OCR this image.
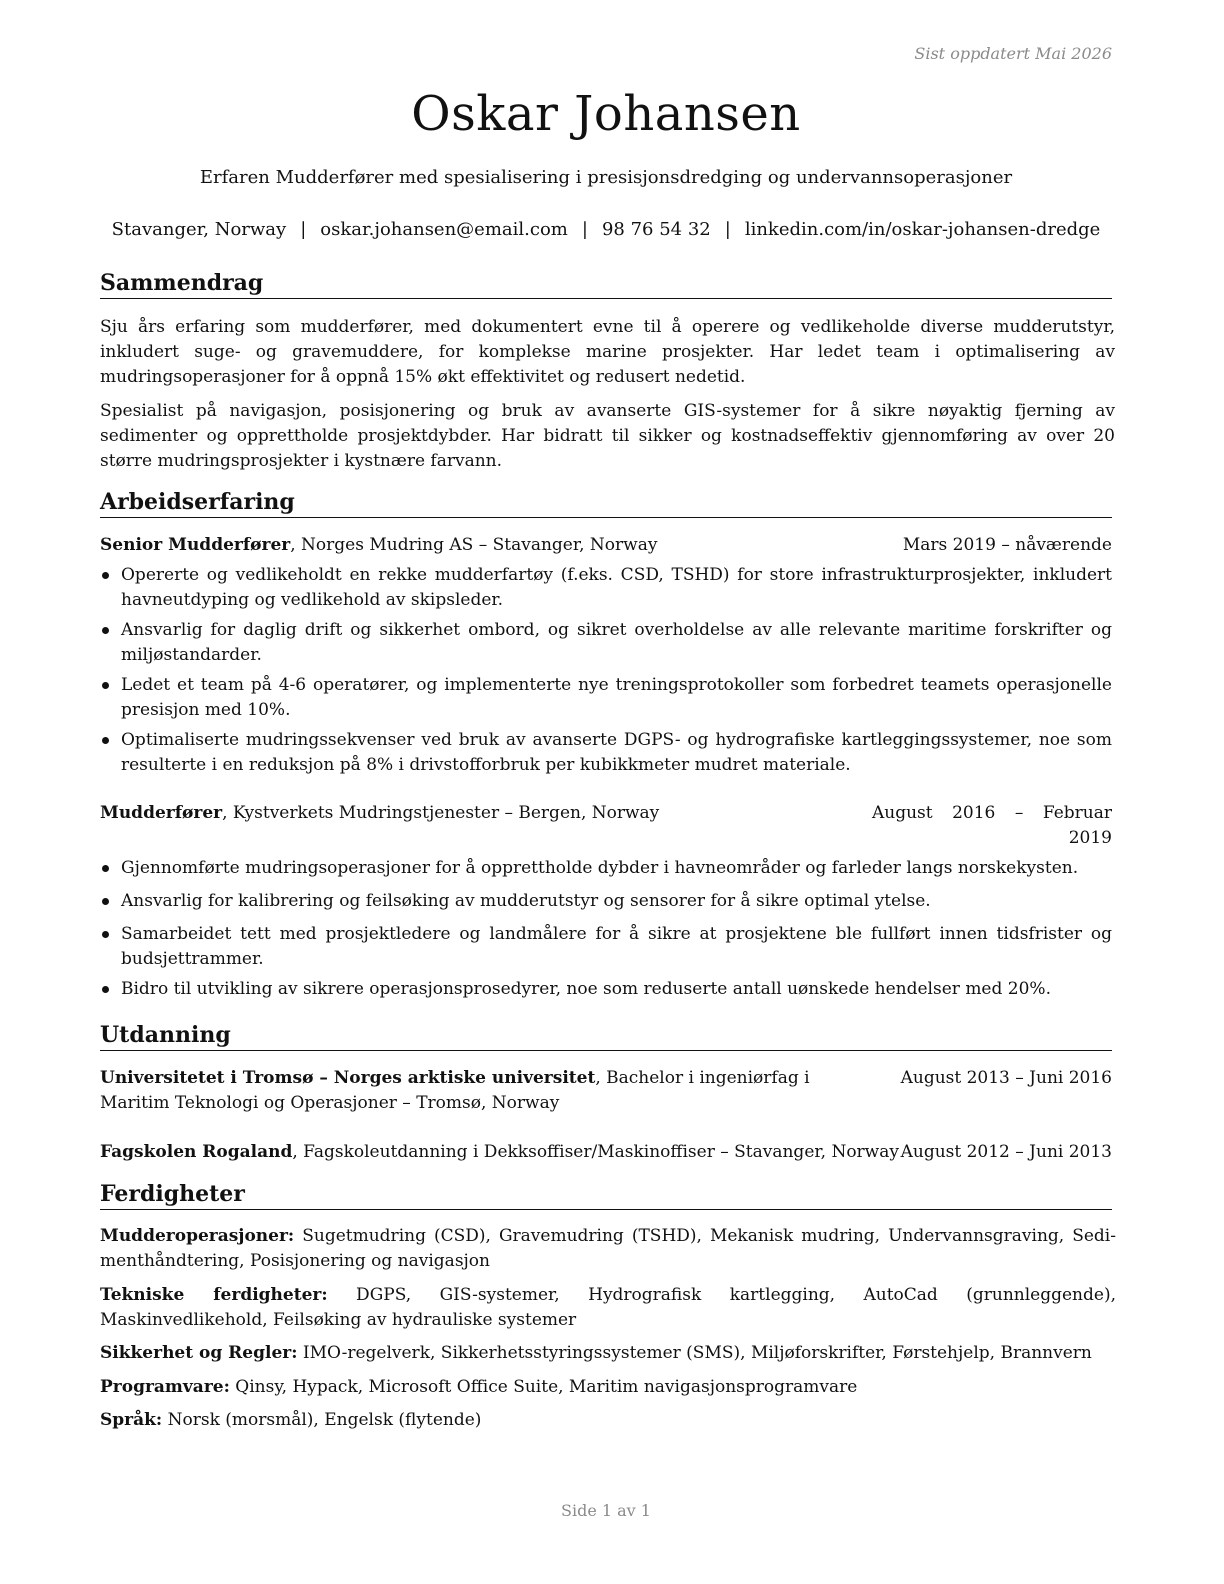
Sist oppdatert Mai 2026
Oskar Johansen
Erfaren Mudderfører med spesialisering i presisjonsdredging og undervannsoperasjoner
Stavanger, Norway | oskar.johansen@email.com | 98 76 54 32 | linkedin.com/in/oskar-johansen-dredge
Sammendrag

Sju års erfaring som mudderfører, med dokumentert evne til å operere og vedlikeholde diverse mudderutstyr, inkludert suge- og gravemuddere, for komplekse marine prosjekter. Har ledet team i optimalisering av mudringsoperasjoner for å oppnå 15% økt effektivitet og redusert nedetid.

Spesialist på navigasjon, posisjonering og bruk av avanserte GIS-systemer for å sikre nøyaktig fjerning av sedimenter og opprettholde prosjektdybder. Har bidratt til sikker og kostnadseffektiv gjennomføring av over 20 større mudringsprosjekter i kystnære farvann.

Arbeidserfaring
Senior Mudderfører, Norges Mudring AS – Stavanger, Norway	Mars 2019 – nåværende
Opererte og vedlikeholdt en rekke mudderfartøy (f.eks. CSD, TSHD) for store infrastrukturprosjekter, inkludert havneutdyping og vedlikehold av skipsleder.
Ansvarlig for daglig drift og sikkerhet ombord, og sikret overholdelse av alle relevante maritime forskrifter og miljøstandarder.
Ledet et team på 4-6 operatører, og implementerte nye treningsprotokoller som forbedret teamets operasjonelle presisjon med 10%.
Optimaliserte mudringssekvenser ved bruk av avanserte DGPS- og hydrografiske kartleggingssystemer, noe som resulterte i en reduksjon på 8% i drivstofforbruk per kubikkmeter mudret materiale.
Mudderfører, Kystverkets Mudringstjenester – Bergen, Norway	August 2016 – Februar 2019
Gjennomførte mudringsoperasjoner for å opprettholde dybder i havneområder og farleder langs norskekysten.
Ansvarlig for kalibrering og feilsøking av mudderutstyr og sensorer for å sikre optimal ytelse.
Samarbeidet tett med prosjektledere og landmålere for å sikre at prosjektene ble fullført innen tidsfrister og budsjettrammer.
Bidro til utvikling av sikrere operasjonsprosedyrer, noe som reduserte antall uønskede hendelser med 20%.
Utdanning
Universitetet i Tromsø – Norges arktiske universitet, Bachelor i ingeniørfag i Maritim Teknologi og Operasjoner – Tromsø, Norway
August 2013 – Juni 2016
Fagskolen Rogaland, Fagskoleutdanning i Dekksoffiser/Maskinoffiser – Stavanger, Norway August 2012 – Juni 2013
Ferdigheter
Mudderoperasjoner: Sugetmudring (CSD), Gravemudring (TSHD), Mekanisk mudring, Undervannsgraving, Sedimenthåndtering, Posisjonering og navigasjon
Tekniske ferdigheter: DGPS, GIS-systemer, Hydrografisk kartlegging, AutoCad (grunnleggende), Maskinvedlikehold, Feilsøking av hydrauliske systemer
Sikkerhet og Regler: IMO-regelverk, Sikkerhetsstyringssystemer (SMS), Miljøforskrifter, Førstehjelp, Brannvern
Programvare: Qinsy, Hypack, Microsoft Office Suite, Maritim navigasjonsprogramvare
Språk: Norsk (morsmål), Engelsk (flytende)
Side 1 av 1
